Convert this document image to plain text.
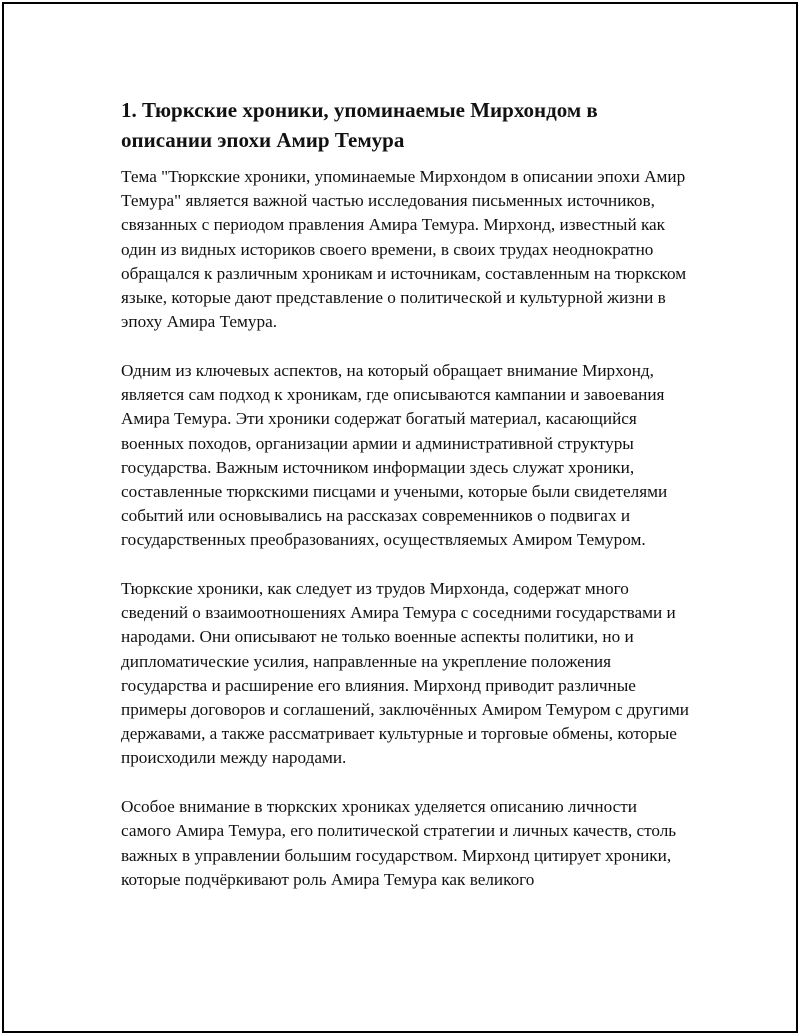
1. Тюркские хроники, упоминаемые Мирхондом в описании эпохи Амир Темура

Тема "Тюркские хроники, упоминаемые Мирхондом в описании эпохи Амир Темура" является важной частью исследования письменных источников, связанных с периодом правления Амира Темура. Мирхонд, известный как один из видных историков своего времени, в своих трудах неоднократно обращался к различным хроникам и источникам, составленным на тюркском языке, которые дают представление о политической и культурной жизни в эпоху Амира Темура.

Одним из ключевых аспектов, на который обращает внимание Мирхонд, является сам подход к хроникам, где описываются кампании и завоевания Амира Темура. Эти хроники содержат богатый материал, касающийся военных походов, организации армии и административной структуры государства. Важным источником информации здесь служат хроники, составленные тюркскими писцами и учеными, которые были свидетелями событий или основывались на рассказах современников о подвигах и государственных преобразованиях, осуществляемых Амиром Темуром.

Тюркские хроники, как следует из трудов Мирхонда, содержат много сведений о взаимоотношениях Амира Темура с соседними государствами и народами. Они описывают не только военные аспекты политики, но и дипломатические усилия, направленные на укрепление положения государства и расширение его влияния. Мирхонд приводит различные примеры договоров и соглашений, заключённых Амиром Темуром с другими державами, а также рассматривает культурные и торговые обмены, которые происходили между народами.

Особое внимание в тюркских хрониках уделяется описанию личности самого Амира Темура, его политической стратегии и личных качеств, столь важных в управлении большим государством. Мирхонд цитирует хроники, которые подчёркивают роль Амира Темура как великого
